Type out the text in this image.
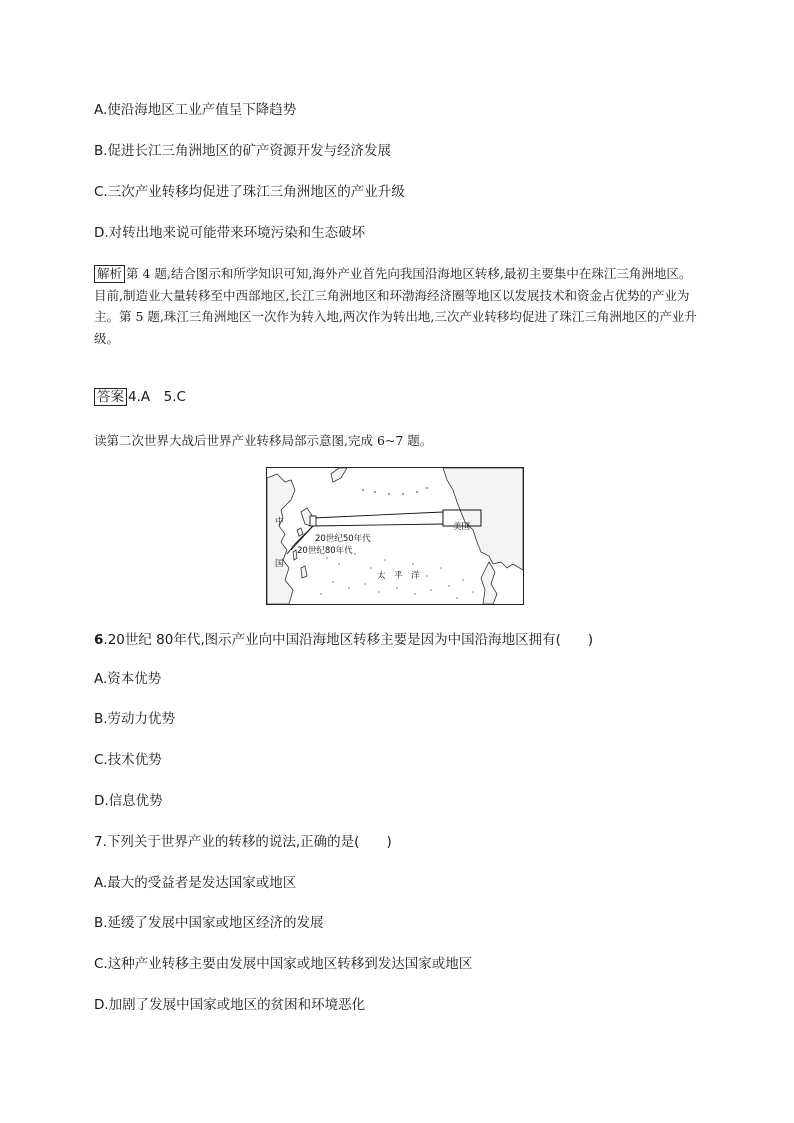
A.使沿海地区工业产值呈下降趋势
B.促进长江三角洲地区的矿产资源开发与经济发展
C.三次产业转移均促进了珠江三角洲地区的产业升级
D.对转出地来说可能带来环境污染和生态破坏
解析 第 4 题,结合图示和所学知识可知,海外产业首先向我国沿海地区转移,最初主要集中在珠江三角洲地区。目前,制造业大量转移至中西部地区,长江三角洲地区和环渤海经济圈等地区以发展技术和资金占优势的产业为主。第 5 题,珠江三角洲地区一次作为转入地,两次作为转出地,三次产业转移均促进了珠江三角洲地区的产业升级。
答案 4.A　5.C
读第二次世界大战后世界产业转移局部示意图,完成 6~7 题。
美国
20世纪50年代
20世纪80年代
太　平　洋
中
国
6.20世纪 80年代,图示产业向中国沿海地区转移主要是因为中国沿海地区拥有(　　)
A.资本优势
B.劳动力优势
C.技术优势
D.信息优势
7.下列关于世界产业的转移的说法,正确的是(　　)
A.最大的受益者是发达国家或地区
B.延缓了发展中国家或地区经济的发展
C.这种产业转移主要由发展中国家或地区转移到发达国家或地区
D.加剧了发展中国家或地区的贫困和环境恶化
